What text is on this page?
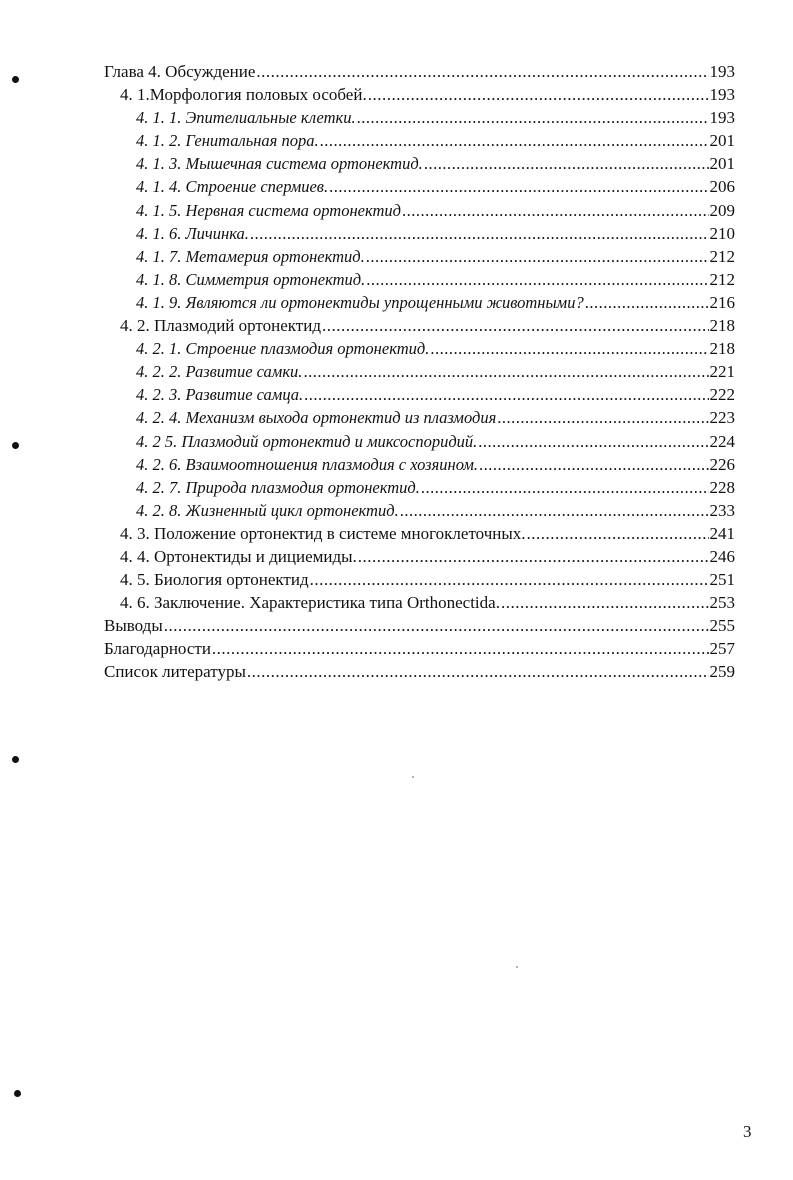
Глава 4. Обсуждение .....	193
4. 1.Морфология половых особей. .....	193
4. 1. 1. Эпителиальные клетки. .....	193
4. 1. 2. Генитальная пора. .....	201
4. 1. 3. Мышечная система ортонектид. .....	201
4. 1. 4. Строение спермиев. .....	206
4. 1. 5. Нервная система ортонектид .....	209
4. 1. 6. Личинка. .....	210
4. 1. 7. Метамерия ортонектид. .....	212
4. 1. 8. Симметрия ортонектид. .....	212
4. 1. 9. Являются ли ортонектиды упрощенными животными? .....	216
4. 2. Плазмодий ортонектид .....	218
4. 2. 1. Строение плазмодия ортонектид. .....	218
4. 2. 2. Развитие самки. .....	221
4. 2. 3. Развитие самца. .....	222
4. 2. 4. Механизм выхода ортонектид из плазмодия .....	223
4. 2 5. Плазмодий ортонектид и миксоспоридий. .....	224
4. 2. 6. Взаимоотношения плазмодия с хозяином. .....	226
4. 2. 7. Природа плазмодия ортонектид. .....	228
4. 2. 8. Жизненный цикл ортонектид. .....	233
4. 3. Положение ортонектид в системе многоклеточных. .....	241
4. 4. Ортонектиды и дициемиды. .....	246
4. 5. Биология ортонектид .....	251
4. 6. Заключение. Характеристика типа Orthonectida. .....	253
Выводы .....	255
Благодарности .....	257
Список литературы .....	259
3
